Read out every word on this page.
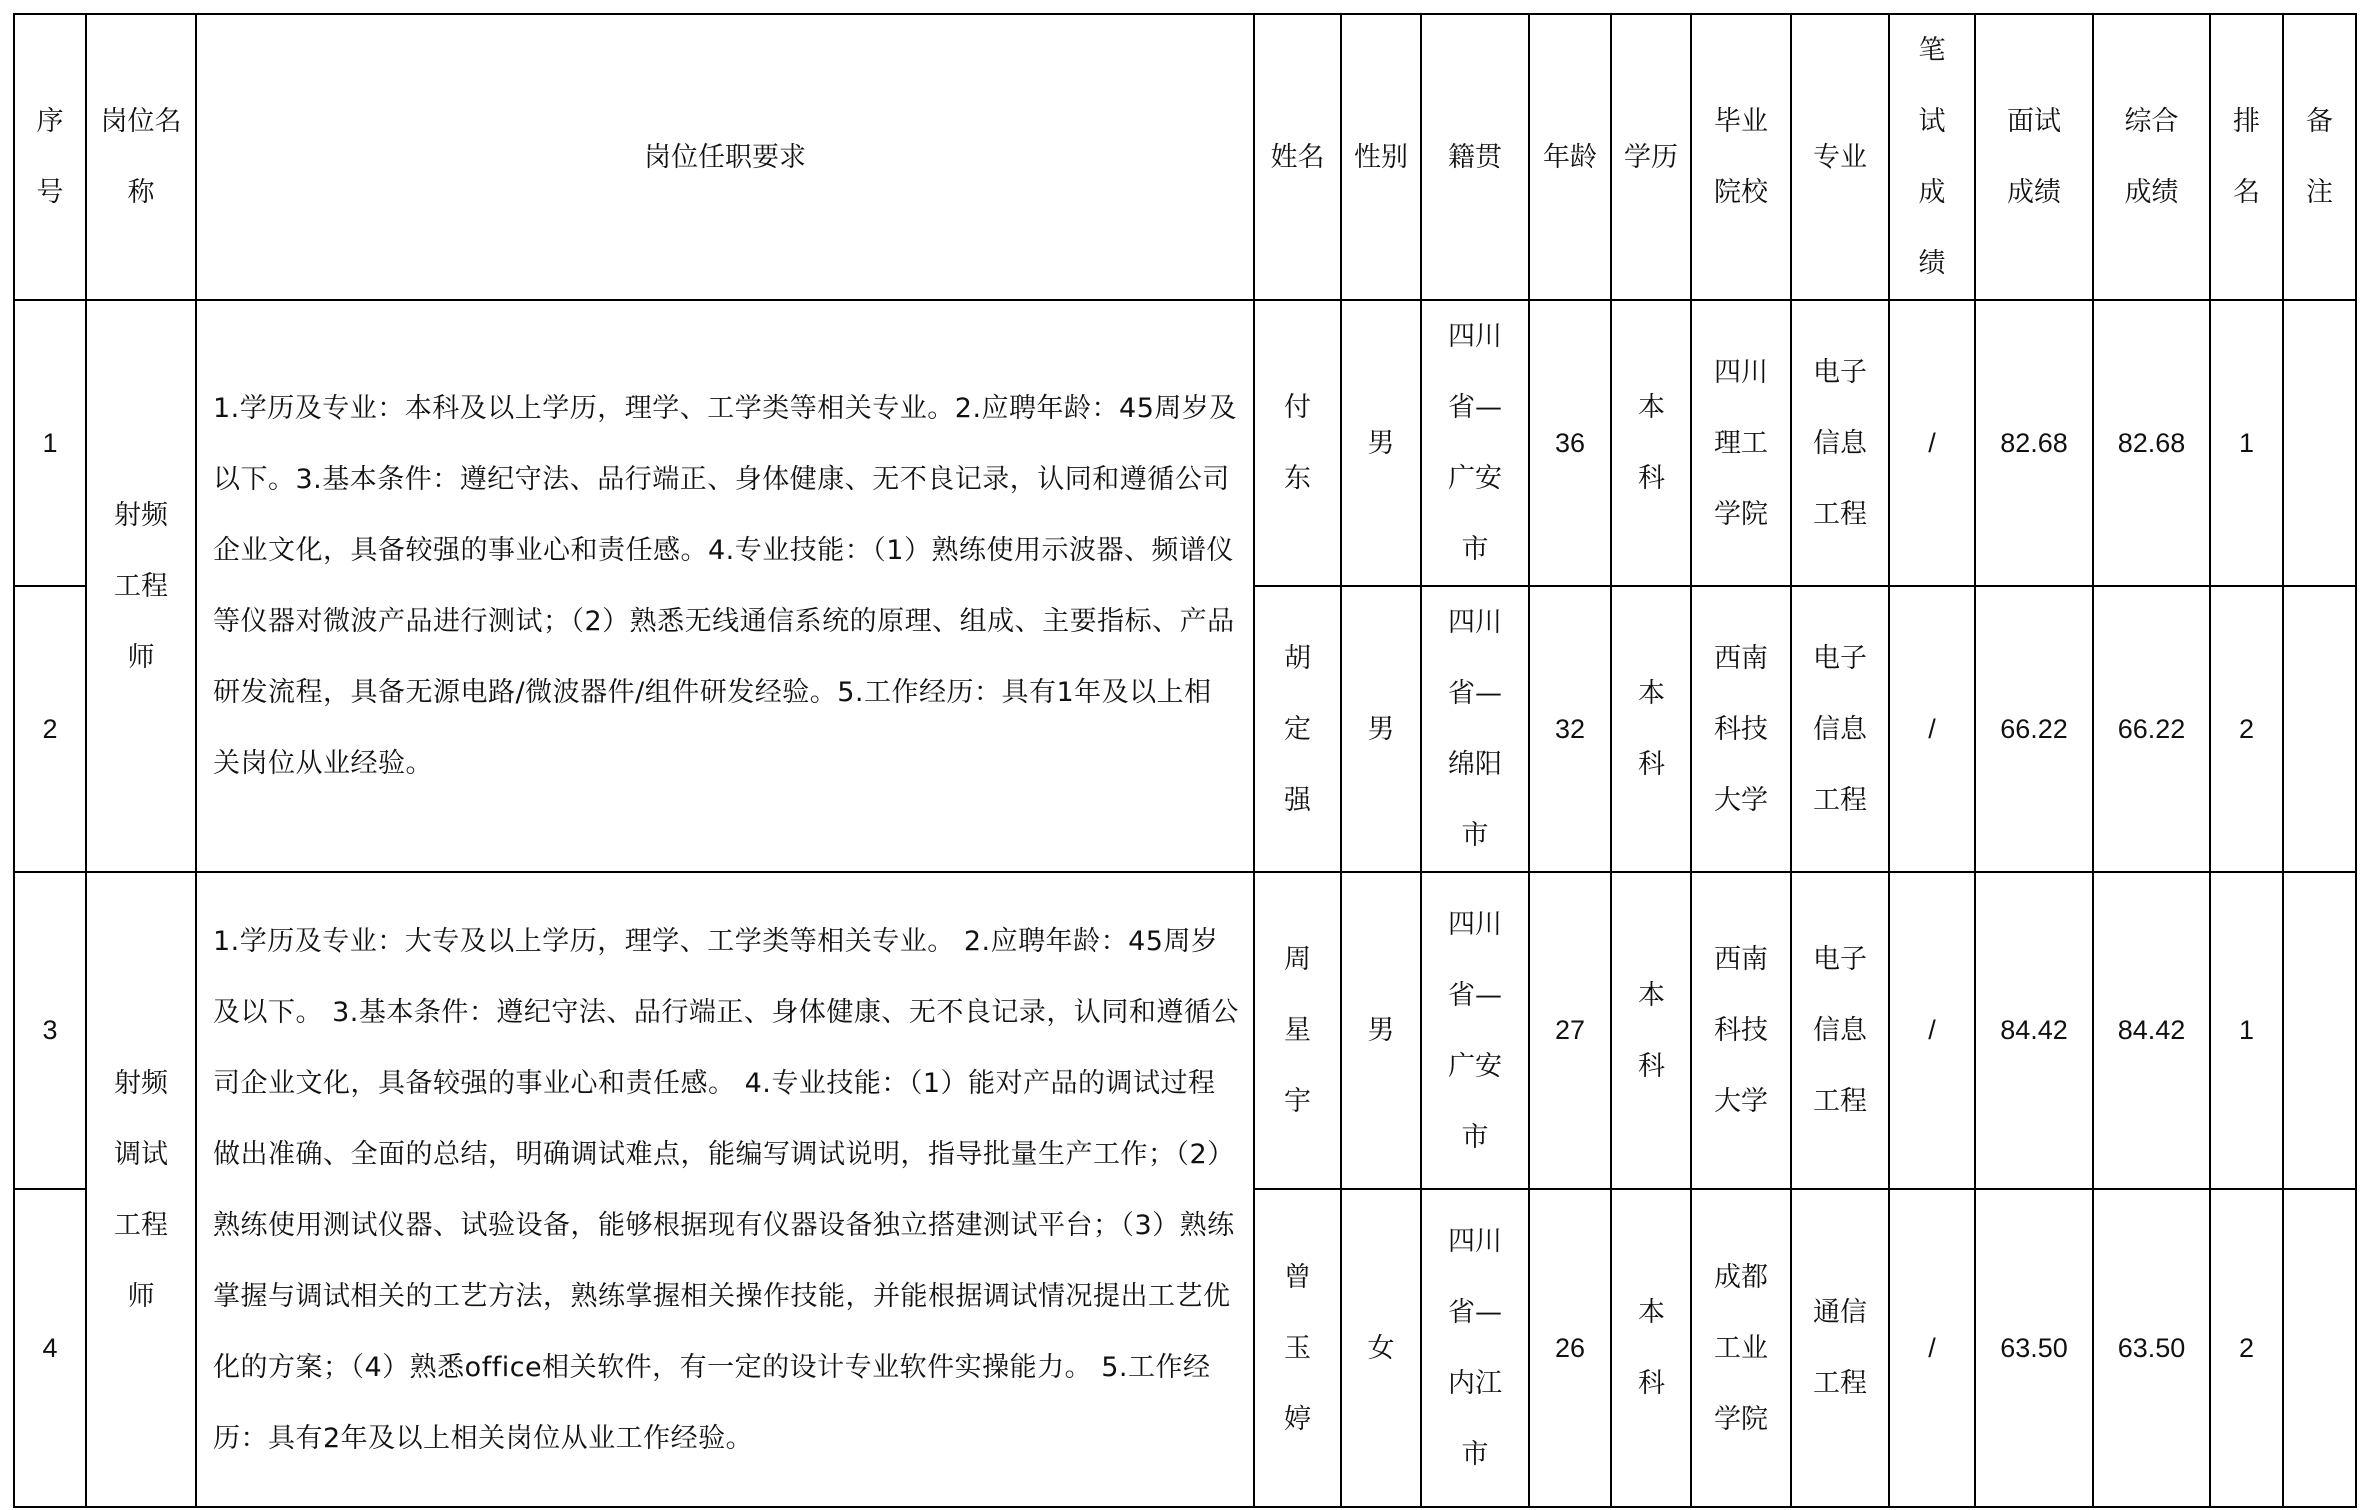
序号	岗位名称	岗位任职要求	姓名	性别	籍贯	年龄	学历	毕业院校	专业	笔试成绩	面试成绩	综合成绩	排名	备注
1	射频工程师	1.学历及专业：本科及以上学历，理学、工学类等相关专业。2.应聘年龄：45周岁及以下。3.基本条件：遵纪守法、品行端正、身体健康、无不良记录，认同和遵循公司企业文化，具备较强的事业心和责任感。4.专业技能：（1）熟练使用示波器、频谱仪等仪器对微波产品进行测试；（2）熟悉无线通信系统的原理、组成、主要指标、产品研发流程，具备无源电路/微波器件/组件研发经验。5.工作经历：具有1年及以上相关岗位从业经验。	付东	男	四川省—广安市	36	本科	四川理工学院	电子信息工程	/	82.68	82.68	1	
2			胡定强	男	四川省—绵阳市	32	本科	西南科技大学	电子信息工程	/	66.22	66.22	2	
3	射频调试工程师	1.学历及专业：大专及以上学历，理学、工学类等相关专业。 2.应聘年龄：45周岁及以下。 3.基本条件：遵纪守法、品行端正、身体健康、无不良记录，认同和遵循公司企业文化，具备较强的事业心和责任感。 4.专业技能：（1）能对产品的调试过程做出准确、全面的总结，明确调试难点，能编写调试说明，指导批量生产工作；（2）熟练使用测试仪器、试验设备，能够根据现有仪器设备独立搭建测试平台；（3）熟练掌握与调试相关的工艺方法，熟练掌握相关操作技能，并能根据调试情况提出工艺优化的方案；（4）熟悉office相关软件，有一定的设计专业软件实操能力。 5.工作经历：具有2年及以上相关岗位从业工作经验。	周星宇	男	四川省—广安市	27	本科	西南科技大学	电子信息工程	/	84.42	84.42	1	
4			曾玉婷	女	四川省—内江市	26	本科	成都工业学院	通信工程	/	63.50	63.50	2	
